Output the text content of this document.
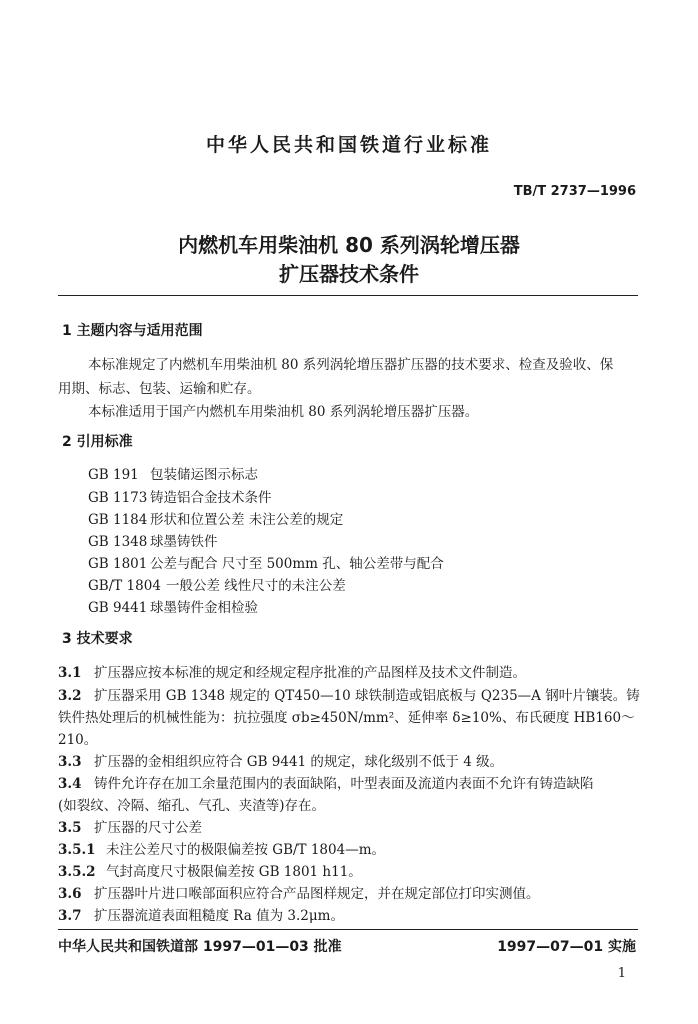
中华人民共和国铁道行业标准
TB/T 2737—1996
内燃机车用柴油机 80 系列涡轮增压器
扩压器技术条件
1 主题内容与适用范围
本标准规定了内燃机车用柴油机 80 系列涡轮增压器扩压器的技术要求、检查及验收、保
用期、标志、包装、运输和贮存。
本标准适用于国产内燃机车用柴油机 80 系列涡轮增压器扩压器。
2 引用标准
GB 191 包装储运图示标志
GB 1173 铸造铝合金技术条件
GB 1184 形状和位置公差 未注公差的规定
GB 1348 球墨铸铁件
GB 1801 公差与配合 尺寸至 500mm 孔、轴公差带与配合
GB/T 1804 一般公差 线性尺寸的未注公差
GB 9441 球墨铸件金相检验
3 技术要求
3.1 扩压器应按本标准的规定和经规定程序批准的产品图样及技术文件制造。
3.2 扩压器采用 GB 1348 规定的 QT450—10 球铁制造或铝底板与 Q235—A 钢叶片镶装。铸
铁件热处理后的机械性能为：抗拉强度 σb≥450N/mm²、延伸率 δ≥10%、布氏硬度 HB160～
210。
3.3 扩压器的金相组织应符合 GB 9441 的规定，球化级别不低于 4 级。
3.4 铸件允许存在加工余量范围内的表面缺陷，叶型表面及流道内表面不允许有铸造缺陷
(如裂纹、冷隔、缩孔、气孔、夹渣等)存在。
3.5 扩压器的尺寸公差
3.5.1 未注公差尺寸的极限偏差按 GB/T 1804—m。
3.5.2 气封高度尺寸极限偏差按 GB 1801 h11。
3.6 扩压器叶片进口喉部面积应符合产品图样规定，并在规定部位打印实测值。
3.7 扩压器流道表面粗糙度 Ra 值为 3.2μm。
中华人民共和国铁道部 1997—01—03 批准	1997—07—01 实施
1
